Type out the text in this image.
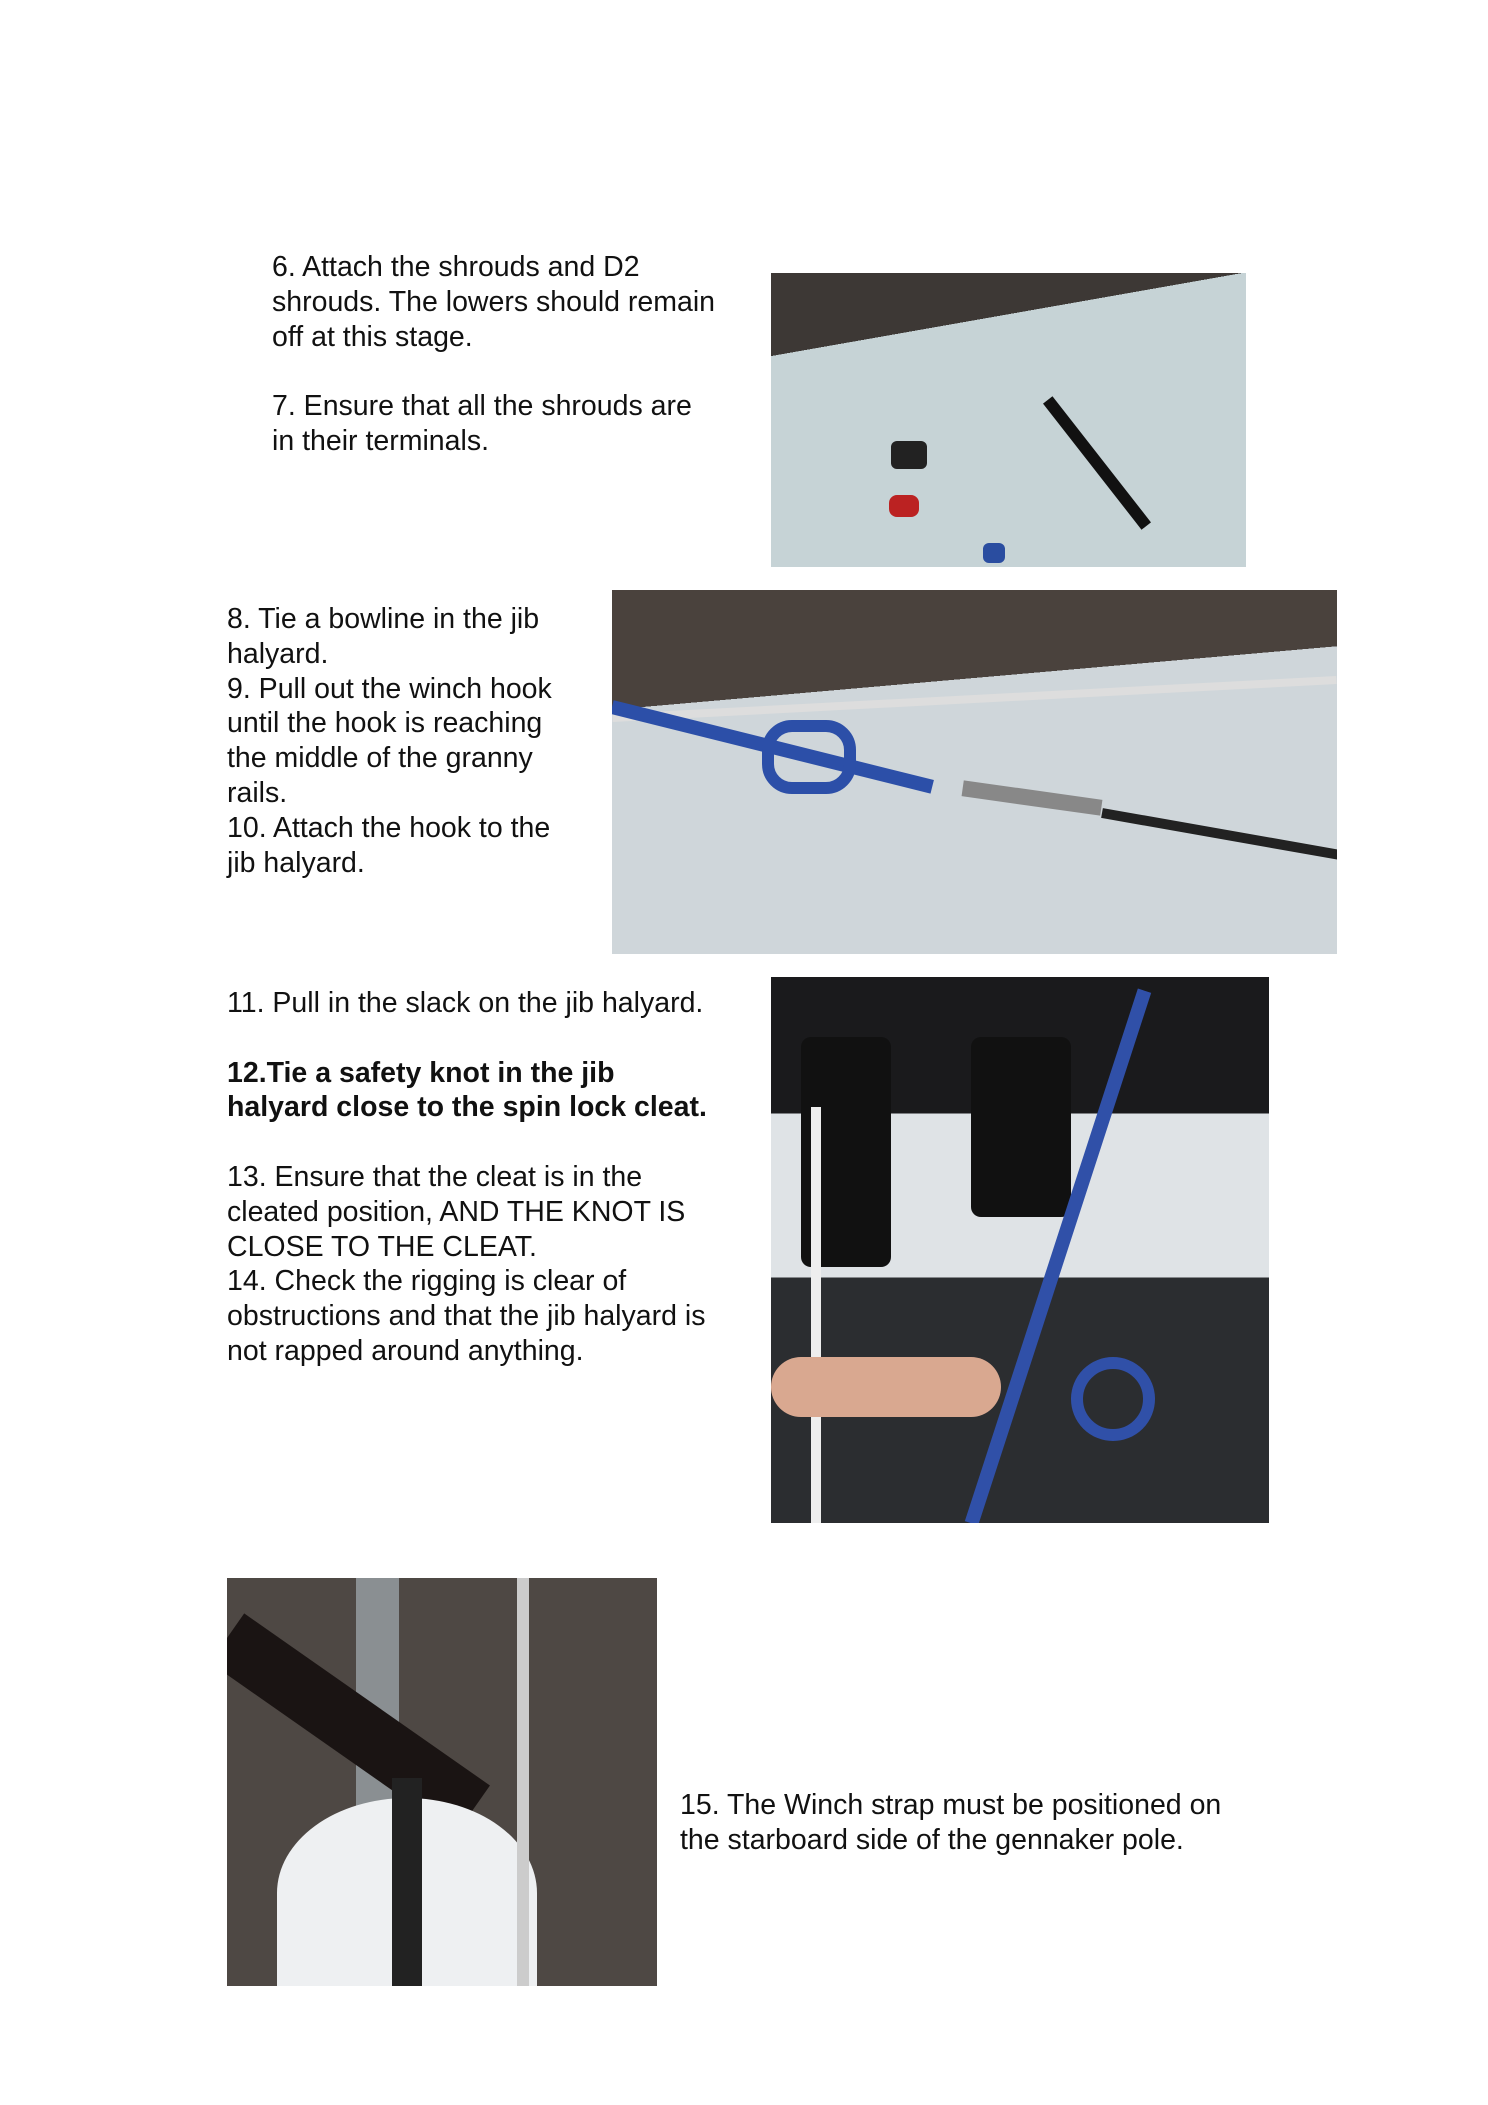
6. Attach the shrouds and D2

shrouds. The lowers should remain

off at this stage.

7. Ensure that all the shrouds are

in their terminals.

8. Tie a bowline in the jib

halyard.

9. Pull out the winch hook

until the hook is reaching

the middle of the granny

rails.

10. Attach the hook to the

jib halyard.

11. Pull in the slack on the jib halyard.

12.Tie a safety knot in the jib

halyard close to the spin lock cleat.

13. Ensure that the cleat is in the

cleated position, AND THE KNOT IS

CLOSE TO THE CLEAT.

14. Check the rigging is clear of

obstructions and that the jib halyard is

not rapped around anything.

15. The Winch strap must be positioned on

the starboard side of the gennaker pole.
